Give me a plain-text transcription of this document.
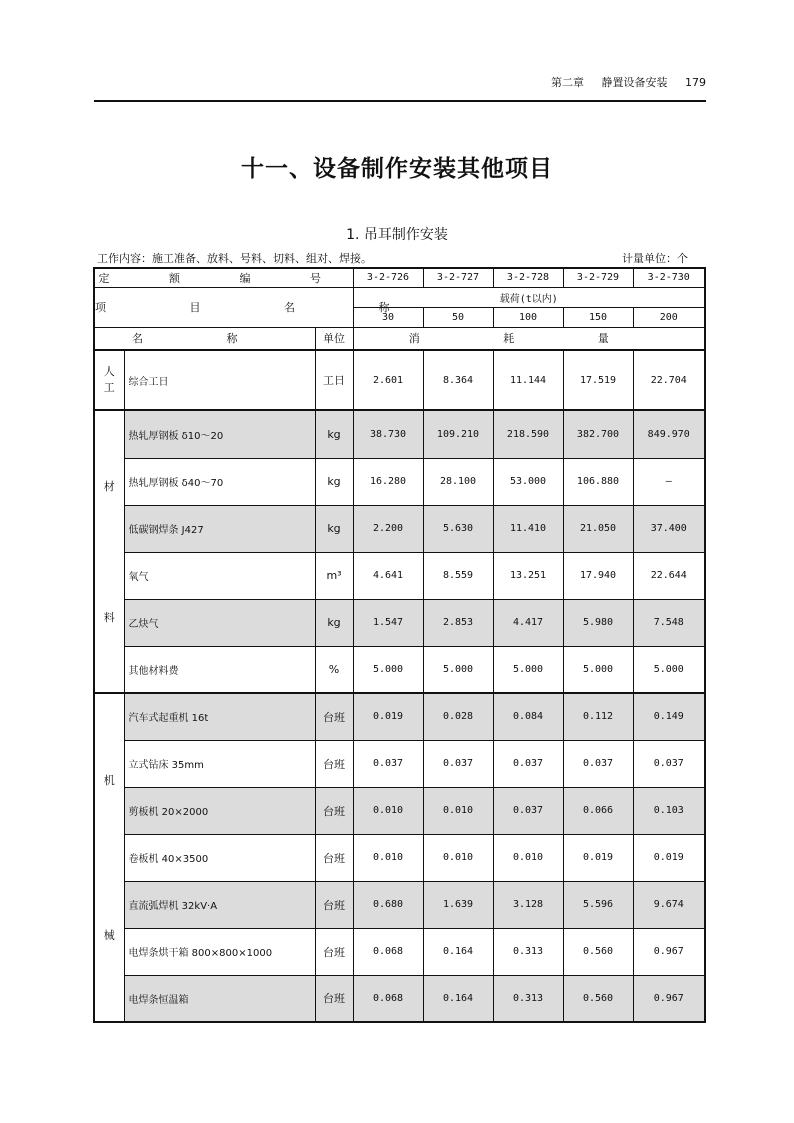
第二章 静置设备安装 179
十一、设备制作安装其他项目
1. 吊耳制作安装
工作内容：施工准备、放料、号料、切料、组对、焊接。	计量单位：个
定 额 编 号			3-2-726	3-2-727	3-2-728	3-2-729	3-2-730
项 目 名 称			载荷(t以内)				
			30	50	100	150	200
名 称		单位	消 耗 量				
人工	综合工日	工日	2.601	8.364	11.144	17.519	22.704

材
料	热轧厚钢板 δ10～20	kg	38.730	109.210	218.590	382.700	849.970
	热轧厚钢板 δ40～70	kg	16.280	28.100	53.000	106.880	—
	低碳钢焊条 J427	kg	2.200	5.630	11.410	21.050	37.400
	氧气	m³	4.641	8.559	13.251	17.940	22.644
	乙炔气	kg	1.547	2.853	4.417	5.980	7.548
	其他材料费	%	5.000	5.000	5.000	5.000	5.000

机
械	汽车式起重机 16t	台班	0.019	0.028	0.084	0.112	0.149
	立式钻床 35mm	台班	0.037	0.037	0.037	0.037	0.037
	剪板机 20×2000	台班	0.010	0.010	0.037	0.066	0.103
	卷板机 40×3500	台班	0.010	0.010	0.010	0.019	0.019
	直流弧焊机 32kV·A	台班	0.680	1.639	3.128	5.596	9.674
	电焊条烘干箱 800×800×1000	台班	0.068	0.164	0.313	0.560	0.967
	电焊条恒温箱	台班	0.068	0.164	0.313	0.560	0.967
